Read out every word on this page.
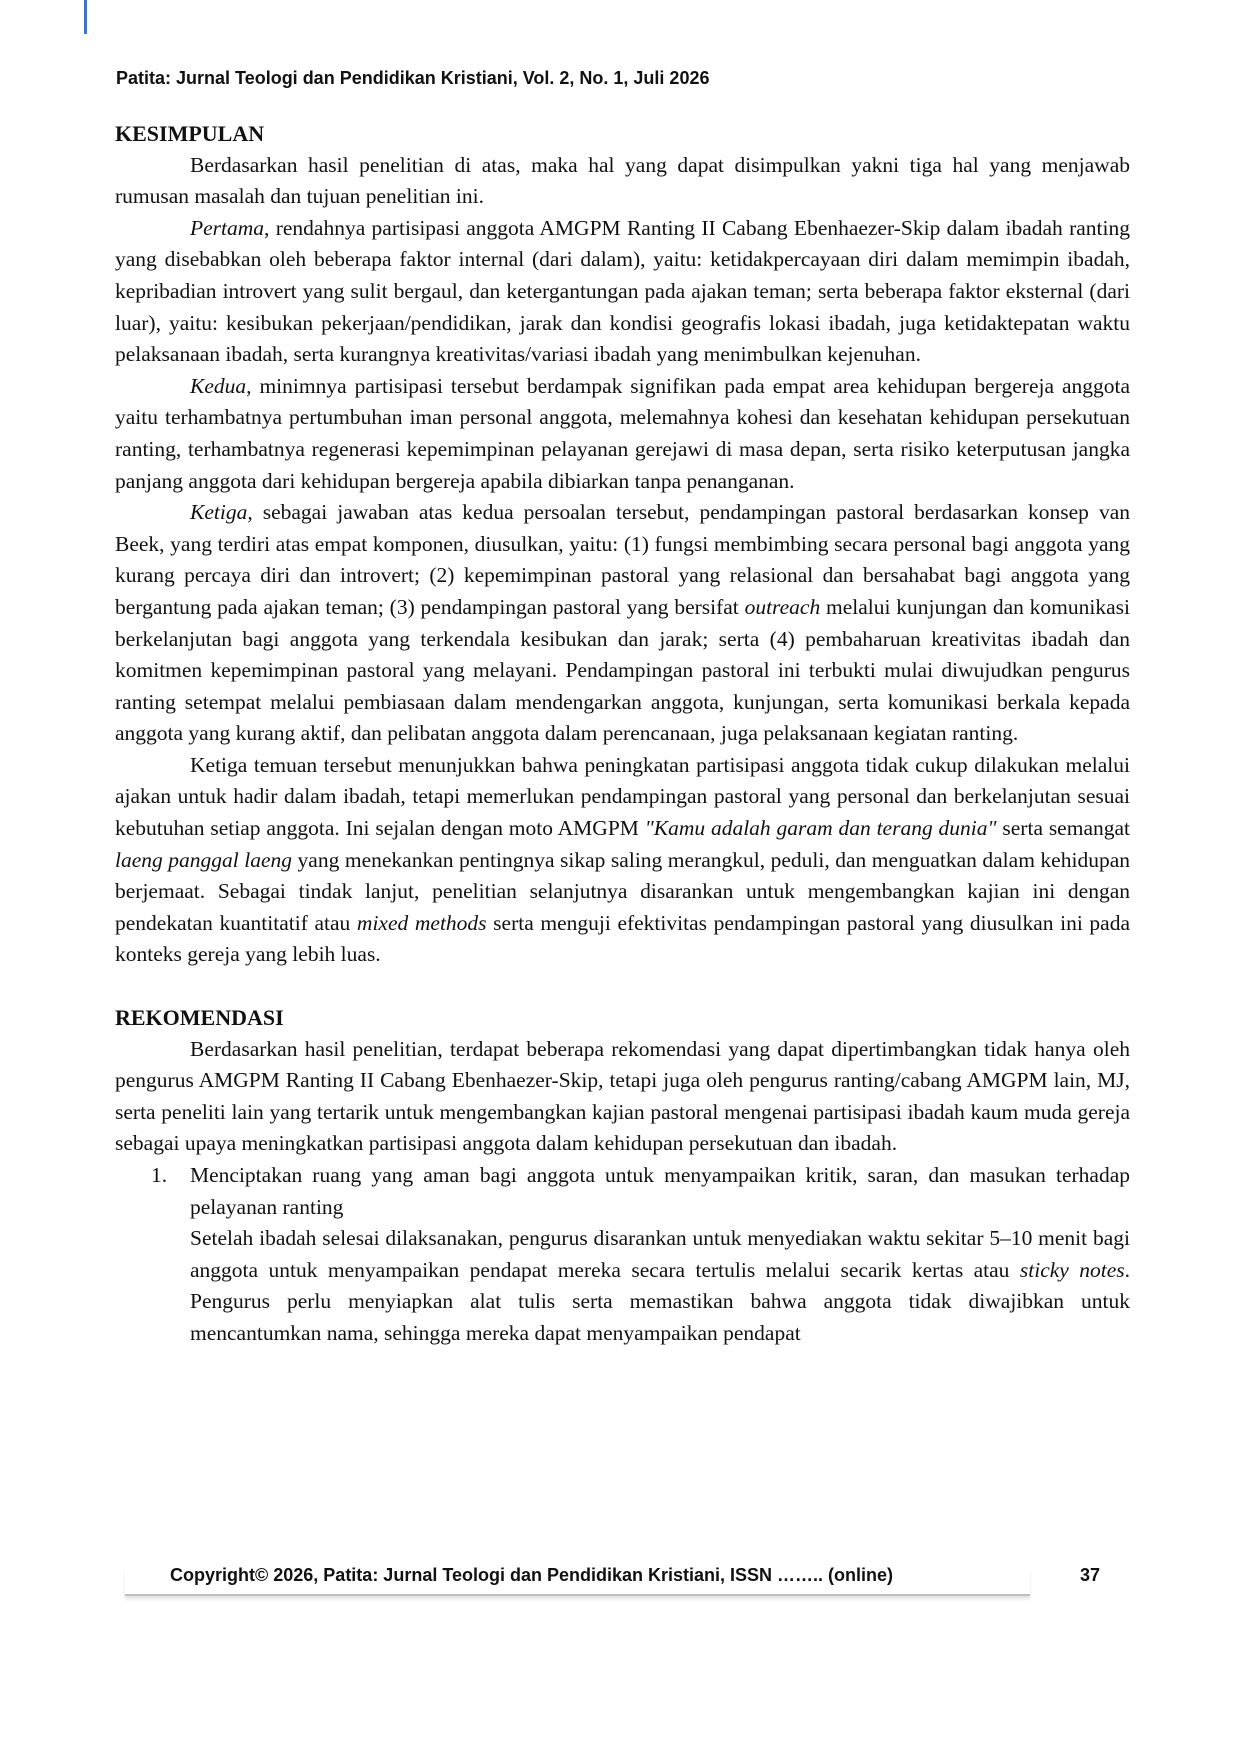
Patita: Jurnal Teologi dan Pendidikan Kristiani, Vol. 2, No. 1, Juli 2026
KESIMPULAN

Berdasarkan hasil penelitian di atas, maka hal yang dapat disimpulkan yakni tiga hal yang menjawab rumusan masalah dan tujuan penelitian ini.

Pertama, rendahnya partisipasi anggota AMGPM Ranting II Cabang Ebenhaezer-Skip dalam ibadah ranting yang disebabkan oleh beberapa faktor internal (dari dalam), yaitu: ketidakpercayaan diri dalam memimpin ibadah, kepribadian introvert yang sulit bergaul, dan ketergantungan pada ajakan teman; serta beberapa faktor eksternal (dari luar), yaitu: kesibukan pekerjaan/pendidikan, jarak dan kondisi geografis lokasi ibadah, juga ketidaktepatan waktu pelaksanaan ibadah, serta kurangnya kreativitas/variasi ibadah yang menimbulkan kejenuhan.

Kedua, minimnya partisipasi tersebut berdampak signifikan pada empat area kehidupan bergereja anggota yaitu terhambatnya pertumbuhan iman personal anggota, melemahnya kohesi dan kesehatan kehidupan persekutuan ranting, terhambatnya regenerasi kepemimpinan pelayanan gerejawi di masa depan, serta risiko keterputusan jangka panjang anggota dari kehidupan bergereja apabila dibiarkan tanpa penanganan.

Ketiga, sebagai jawaban atas kedua persoalan tersebut, pendampingan pastoral berdasarkan konsep van Beek, yang terdiri atas empat komponen, diusulkan, yaitu: (1) fungsi membimbing secara personal bagi anggota yang kurang percaya diri dan introvert; (2) kepemimpinan pastoral yang relasional dan bersahabat bagi anggota yang bergantung pada ajakan teman; (3) pendampingan pastoral yang bersifat outreach melalui kunjungan dan komunikasi berkelanjutan bagi anggota yang terkendala kesibukan dan jarak; serta (4) pembaharuan kreativitas ibadah dan komitmen kepemimpinan pastoral yang melayani. Pendampingan pastoral ini terbukti mulai diwujudkan pengurus ranting setempat melalui pembiasaan dalam mendengarkan anggota, kunjungan, serta komunikasi berkala kepada anggota yang kurang aktif, dan pelibatan anggota dalam perencanaan, juga pelaksanaan kegiatan ranting.

Ketiga temuan tersebut menunjukkan bahwa peningkatan partisipasi anggota tidak cukup dilakukan melalui ajakan untuk hadir dalam ibadah, tetapi memerlukan pendampingan pastoral yang personal dan berkelanjutan sesuai kebutuhan setiap anggota. Ini sejalan dengan moto AMGPM "Kamu adalah garam dan terang dunia" serta semangat laeng panggal laeng yang menekankan pentingnya sikap saling merangkul, peduli, dan menguatkan dalam kehidupan berjemaat. Sebagai tindak lanjut, penelitian selanjutnya disarankan untuk mengembangkan kajian ini dengan pendekatan kuantitatif atau mixed methods serta menguji efektivitas pendampingan pastoral yang diusulkan ini pada konteks gereja yang lebih luas.

REKOMENDASI

Berdasarkan hasil penelitian, terdapat beberapa rekomendasi yang dapat dipertimbangkan tidak hanya oleh pengurus AMGPM Ranting II Cabang Ebenhaezer-Skip, tetapi juga oleh pengurus ranting/cabang AMGPM lain, MJ, serta peneliti lain yang tertarik untuk mengembangkan kajian pastoral mengenai partisipasi ibadah kaum muda gereja sebagai upaya meningkatkan partisipasi anggota dalam kehidupan persekutuan dan ibadah.

1. Menciptakan ruang yang aman bagi anggota untuk menyampaikan kritik, saran, dan masukan terhadap pelayanan ranting

Setelah ibadah selesai dilaksanakan, pengurus disarankan untuk menyediakan waktu sekitar 5–10 menit bagi anggota untuk menyampaikan pendapat mereka secara tertulis melalui secarik kertas atau sticky notes. Pengurus perlu menyiapkan alat tulis serta memastikan bahwa anggota tidak diwajibkan untuk mencantumkan nama, sehingga mereka dapat menyampaikan pendapat

Copyright© 2026, Patita: Jurnal Teologi dan Pendidikan Kristiani, ISSN …….. (online)	37
